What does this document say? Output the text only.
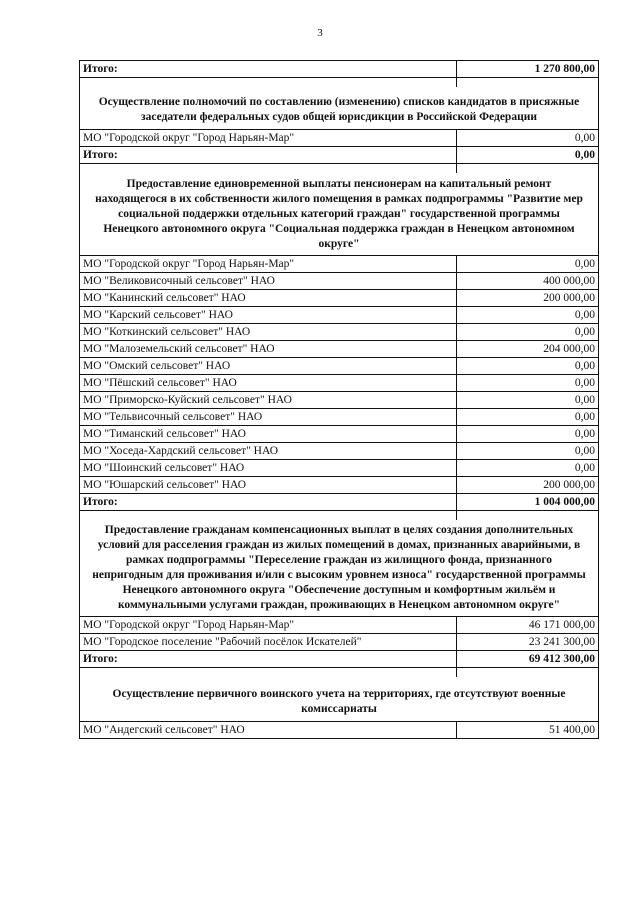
3
Итого:	1 270 800,00

Осуществление полномочий по составлению (изменению) списков кандидатов в присяжные заседатели федеральных судов общей юрисдикции в Российской Федерации	
МО "Городской округ "Город Нарьян-Мар"	0,00
Итого:	0,00

Предоставление единовременной выплаты пенсионерам на капитальный ремонт находящегося в их собственности жилого помещения в рамках подпрограммы "Развитие мер социальной поддержки отдельных категорий граждан" государственной программы Ненецкого автономного округа "Социальная поддержка граждан в Ненецком автономном округе"	
МО "Городской округ "Город Нарьян-Мар"	0,00
МО "Великовисочный сельсовет" НАО	400 000,00
МО "Канинский сельсовет" НАО	200 000,00
МО "Карский сельсовет" НАО	0,00
МО "Коткинский сельсовет" НАО	0,00
МО "Малоземельский сельсовет" НАО	204 000,00
МО "Омский сельсовет" НАО	0,00
МО "Пёшский сельсовет" НАО	0,00
МО "Приморско-Куйский сельсовет" НАО	0,00
МО "Тельвисочный сельсовет" НАО	0,00
МО "Тиманский сельсовет" НАО	0,00
МО "Хоседа-Хардский сельсовет" НАО	0,00
МО "Шоинский сельсовет" НАО	0,00
МО "Юшарский сельсовет" НАО	200 000,00
Итого:	1 004 000,00

Предоставление гражданам компенсационных выплат в целях создания дополнительных условий для расселения граждан из жилых помещений в домах, признанных аварийными, в рамках подпрограммы "Переселение граждан из жилищного фонда, признанного непригодным для проживания и/или с высоким уровнем износа" государственной программы Ненецкого автономного округа "Обеспечение доступным и комфортным жильём и коммунальными услугами граждан, проживающих в Ненецком автономном округе"	
МО "Городской округ "Город Нарьян-Мар"	46 171 000,00
МО "Городское поселение "Рабочий посёлок Искателей"	23 241 300,00
Итого:	69 412 300,00

Осуществление первичного воинского учета на территориях, где отсутствуют военные комиссариаты	
МО "Андегский сельсовет" НАО	51 400,00
